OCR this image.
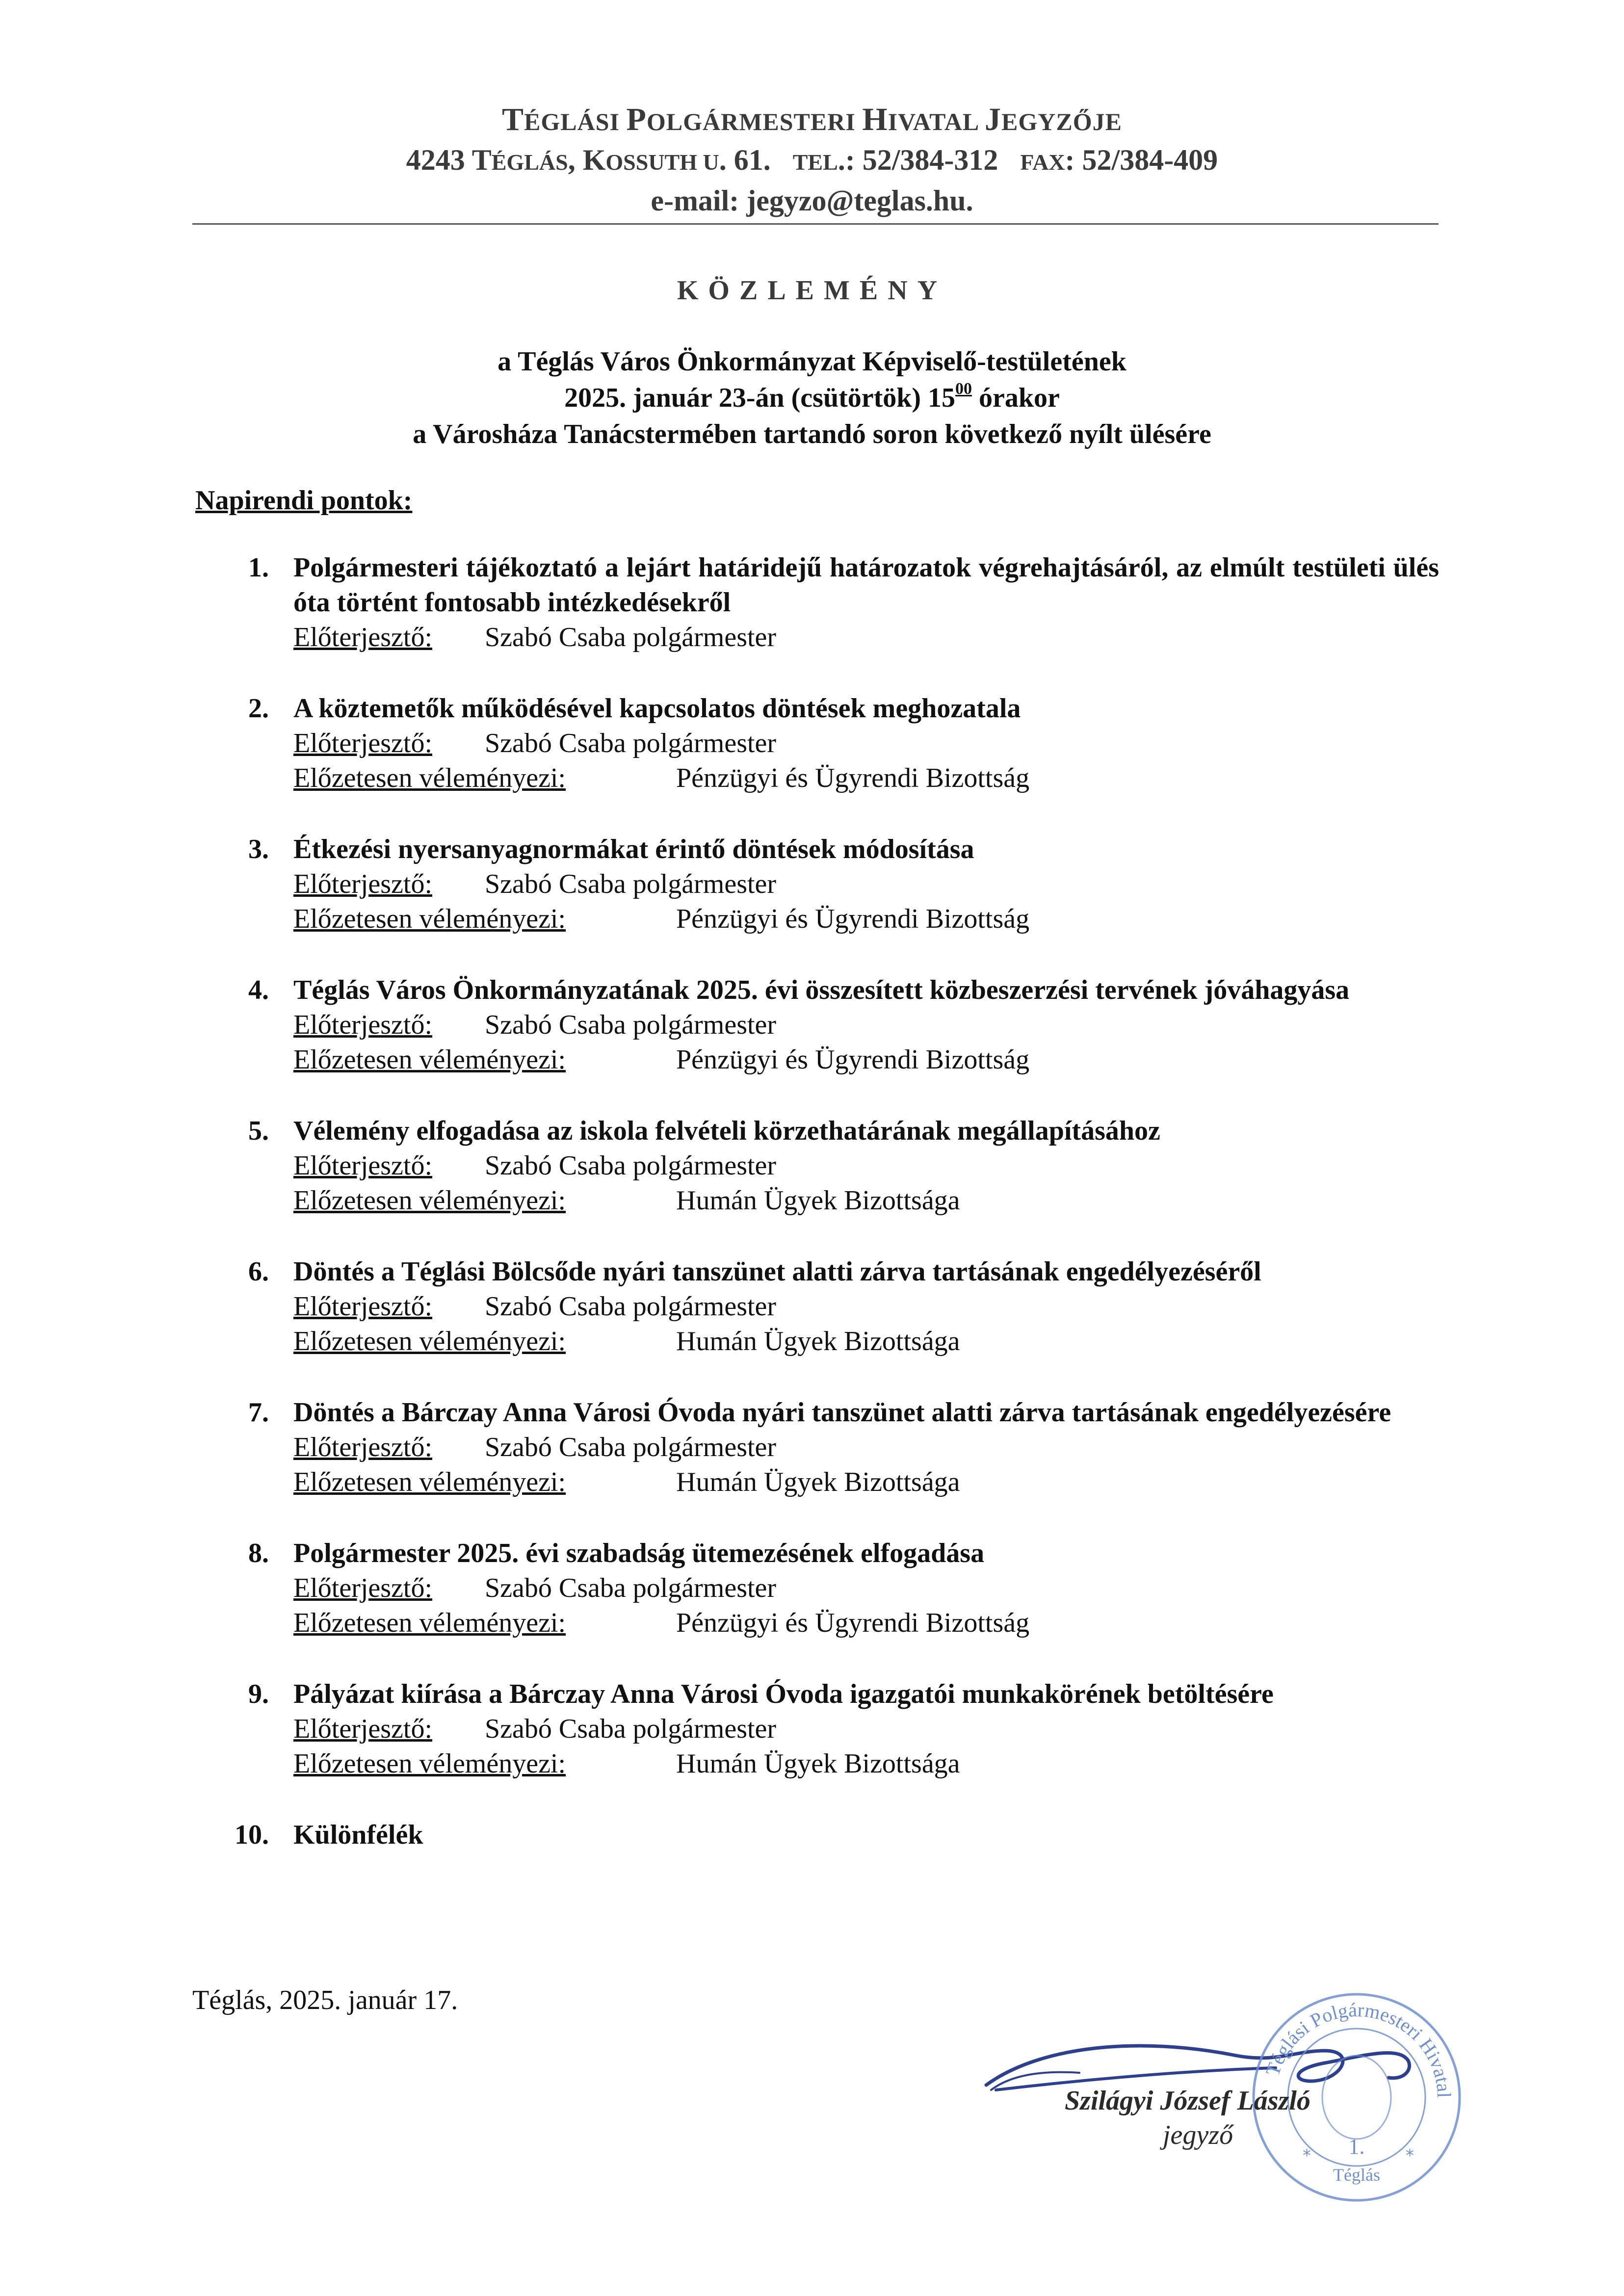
TÉGLÁSI POLGÁRMESTERI HIVATAL JEGYZŐJE
4243 TÉGLÁS, KOSSUTH U. 61. TEL.: 52/384-312 FAX: 52/384-409
e-mail: jegyzo@teglas.hu.
KÖZLEMÉNY
a Téglás Város Önkormányzat Képviselő-testületének
2025. január 23-án (csütörtök) $15^{00}$ órakor
a Városháza Tanácstermében tartandó soron következő nyílt ülésére
Napirendi pontok:
1. Polgármesteri tájékoztató a lejárt határidejű határozatok végrehajtásáról, az elmúlt testületi ülés óta történt fontosabb intézkedésekről
Előterjesztő:	Szabó Csaba polgármester
2. A köztemetők működésével kapcsolatos döntések meghozatala
Előterjesztő:	Szabó Csaba polgármester
Előzetesen véleményezi:	Pénzügyi és Ügyrendi Bizottság
3. Étkezési nyersanyagnormákat érintő döntések módosítása
Előterjesztő:	Szabó Csaba polgármester
Előzetesen véleményezi:	Pénzügyi és Ügyrendi Bizottság
4. Téglás Város Önkormányzatának 2025. évi összesített közbeszerzési tervének jóváhagyása
Előterjesztő:	Szabó Csaba polgármester
Előzetesen véleményezi:	Pénzügyi és Ügyrendi Bizottság
5. Vélemény elfogadása az iskola felvételi körzethatárának megállapításához
Előterjesztő:	Szabó Csaba polgármester
Előzetesen véleményezi:	Humán Ügyek Bizottsága
6. Döntés a Téglási Bölcsőde nyári tanszünet alatti zárva tartásának engedélyezéséről
Előterjesztő:	Szabó Csaba polgármester
Előzetesen véleményezi:	Humán Ügyek Bizottsága
7. Döntés a Bárczay Anna Városi Óvoda nyári tanszünet alatti zárva tartásának engedélyezésére
Előterjesztő:	Szabó Csaba polgármester
Előzetesen véleményezi:	Humán Ügyek Bizottsága
8. Polgármester 2025. évi szabadság ütemezésének elfogadása
Előterjesztő:	Szabó Csaba polgármester
Előzetesen véleményezi:	Pénzügyi és Ügyrendi Bizottság
9. Pályázat kiírása a Bárczay Anna Városi Óvoda igazgatói munkakörének betöltésére
Előterjesztő:	Szabó Csaba polgármester
Előzetesen véleményezi:	Humán Ügyek Bizottsága
10. Különfélék
Téglás, 2025. január 17.
Téglási Polgármesteri Hivatal
1.
Téglás
*	*
Szilágyi József László
jegyző
